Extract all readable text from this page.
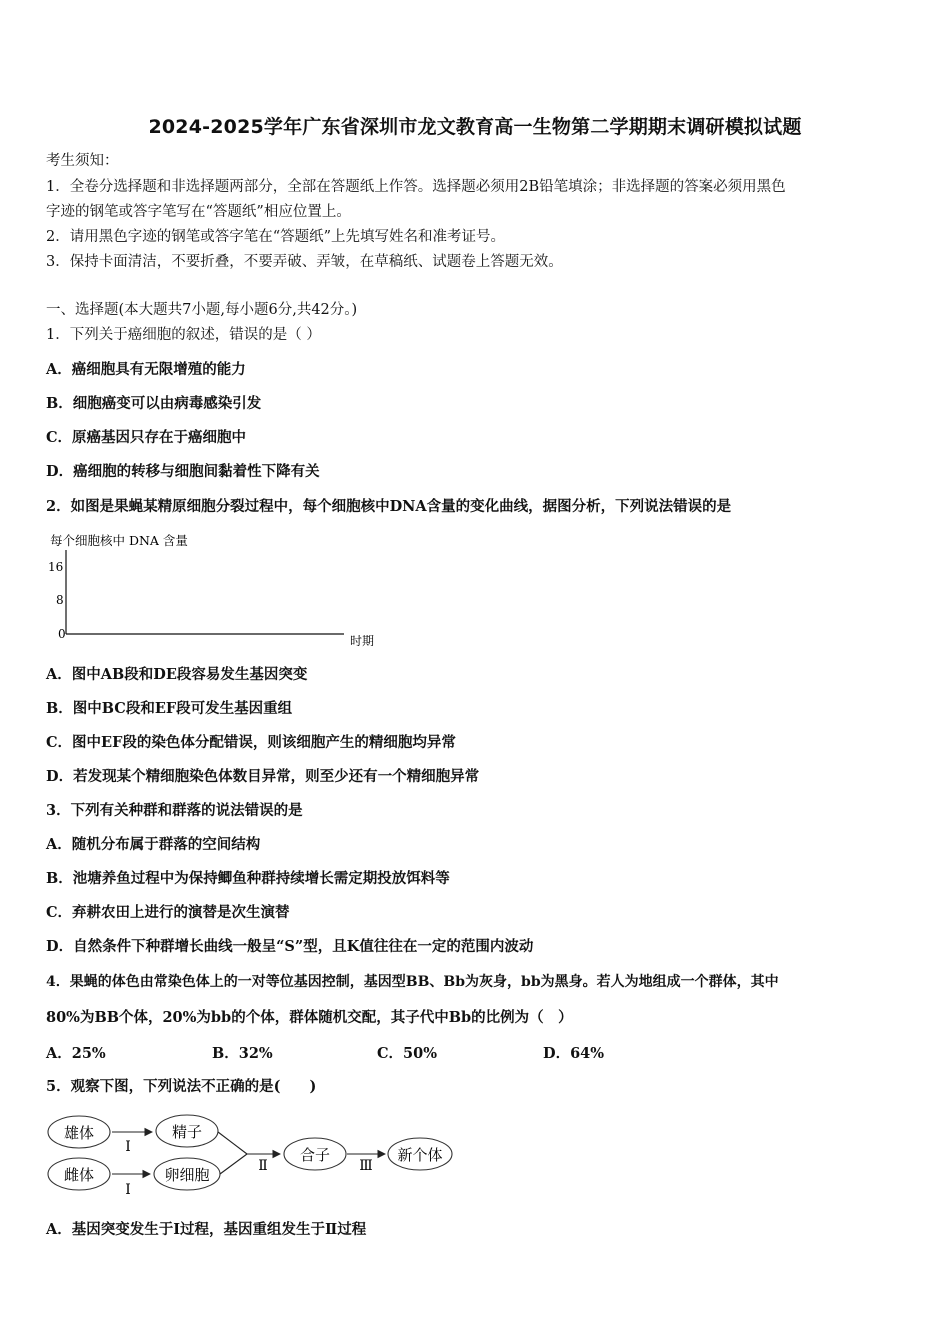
2024-2025学年广东省深圳市龙文教育高一生物第二学期期末调研模拟试题
考生须知：
1．全卷分选择题和非选择题两部分，全部在答题纸上作答。选择题必须用2B铅笔填涂；非选择题的答案必须用黑色
字迹的钢笔或答字笔写在“答题纸”相应位置上。
2．请用黑色字迹的钢笔或答字笔在“答题纸”上先填写姓名和准考证号。
3．保持卡面清洁，不要折叠，不要弄破、弄皱，在草稿纸、试题卷上答题无效。
一、选择题(本大题共7小题,每小题6分,共42分。)
1．下列关于癌细胞的叙述，错误的是（ ）
A．癌细胞具有无限增殖的能力
B．细胞癌变可以由病毒感染引发
C．原癌基因只存在于癌细胞中
D．癌细胞的转移与细胞间黏着性下降有关
2．如图是果蝇某精原细胞分裂过程中，每个细胞核中DNA含量的变化曲线，据图分析，下列说法错误的是
每个细胞核中 DNA 含量
16
8
0	时期
A．图中AB段和DE段容易发生基因突变
B．图中BC段和EF段可发生基因重组
C．图中EF段的染色体分配错误，则该细胞产生的精细胞均异常
D．若发现某个精细胞染色体数目异常，则至少还有一个精细胞异常
3．下列有关种群和群落的说法错误的是
A．随机分布属于群落的空间结构
B．池塘养鱼过程中为保持鲫鱼种群持续增长需定期投放饵料等
C．弃耕农田上进行的演替是次生演替
D．自然条件下种群增长曲线一般呈“S”型，且K值往往在一定的范围内波动
4．果蝇的体色由常染色体上的一对等位基因控制，基因型BB、Bb为灰身，bb为黑身。若人为地组成一个群体，其中
80%为BB个体，20%为bb的个体，群体随机交配，其子代中Bb的比例为（　）
A．25%	B．32%	C．50%	D．64%
5．观察下图，下列说法不正确的是(　　)
雄体
雌体
精子
卵细胞
合子	新个体
Ⅰ
Ⅰ
Ⅱ	Ⅲ
A．基因突变发生于Ⅰ过程，基因重组发生于Ⅱ过程
